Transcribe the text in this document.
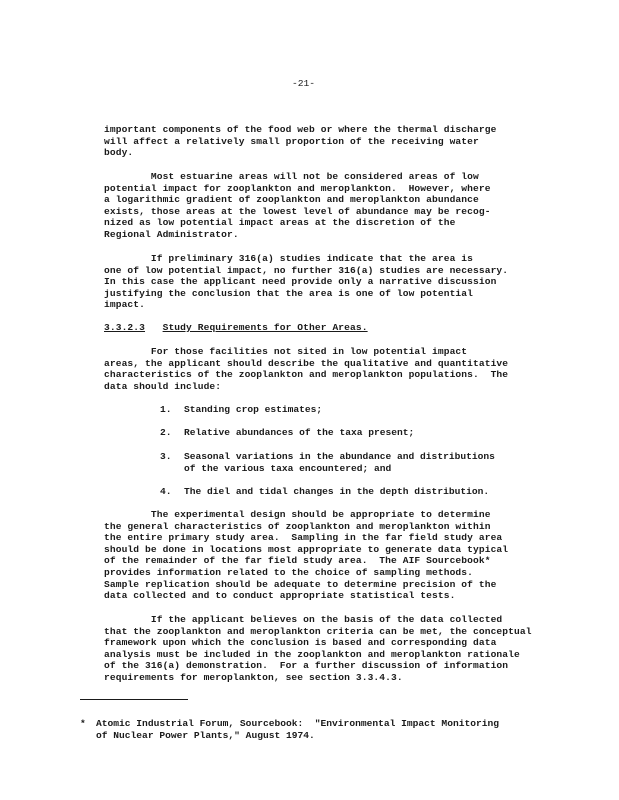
-21-

important components of the food web or where the thermal discharge
will affect a relatively small proportion of the receiving water
body.

Most estuarine areas will not be considered areas of low
potential impact for zooplankton and meroplankton.  However, where
a logarithmic gradient of zooplankton and meroplankton abundance
exists, those areas at the lowest level of abundance may be recog-
nized as low potential impact areas at the discretion of the
Regional Administrator.

If preliminary 316(a) studies indicate that the area is
one of low potential impact, no further 316(a) studies are necessary.
In this case the applicant need provide only a narrative discussion
justifying the conclusion that the area is one of low potential
impact.

3.3.2.3 Study Requirements for Other Areas.

For those facilities not sited in low potential impact
areas, the applicant should describe the qualitative and quantitative
characteristics of the zooplankton and meroplankton populations.  The
data should include:

1. Standing crop estimates;
2. Relative abundances of the taxa present;
3.	Seasonal variations in the abundance and distributions
of the various taxa encountered; and
4. The diel and tidal changes in the depth distribution.

The experimental design should be appropriate to determine
the general characteristics of zooplankton and meroplankton within
the entire primary study area.  Sampling in the far field study area
should be done in locations most appropriate to generate data typical
of the remainder of the far field study area.  The AIF Sourcebook*
provides information related to the choice of sampling methods.
Sample replication should be adequate to determine precision of the
data collected and to conduct appropriate statistical tests.

If the applicant believes on the basis of the data collected
that the zooplankton and meroplankton criteria can be met, the conceptual
framework upon which the conclusion is based and corresponding data
analysis must be included in the zooplankton and meroplankton rationale
of the 316(a) demonstration.  For a further discussion of information
requirements for meroplankton, see section 3.3.4.3.

*	Atomic Industrial Forum, Sourcebook:  "Environmental Impact Monitoring
of Nuclear Power Plants," August 1974.
